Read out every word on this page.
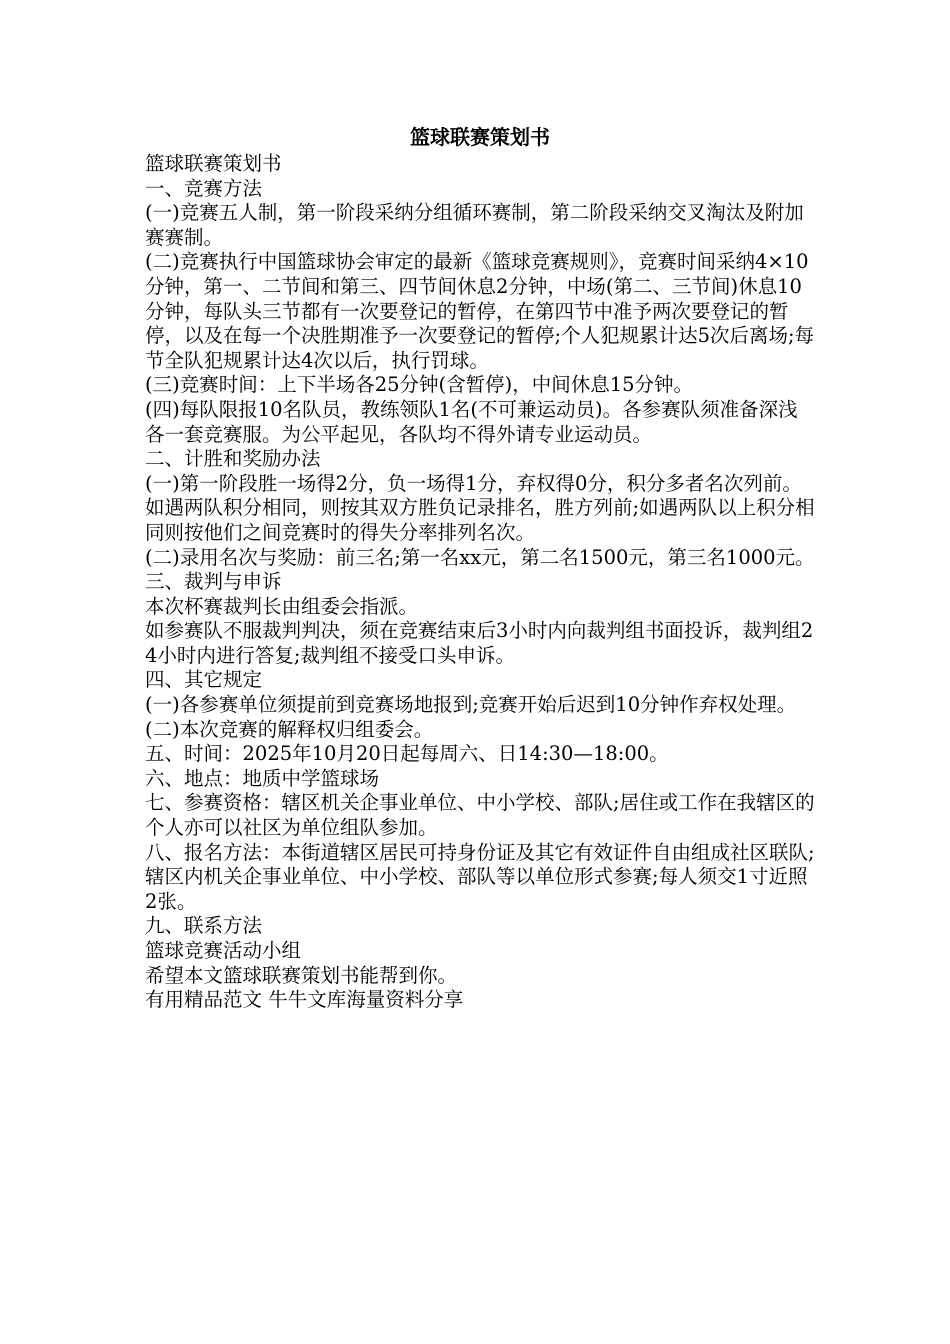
篮球联赛策划书

篮球联赛策划书

一、竞赛方法

(一)竞赛五人制，第一阶段采纳分组循环赛制，第二阶段采纳交叉淘汰及附加赛赛制。

(二)竞赛执行中国篮球协会审定的最新《篮球竞赛规则》，竞赛时间采纳4×10分钟，第一、二节间和第三、四节间休息2分钟，中场(第二、三节间)休息10分钟，每队头三节都有一次要登记的暂停，在第四节中准予两次要登记的暂停，以及在每一个决胜期准予一次要登记的暂停;个人犯规累计达5次后离场;每节全队犯规累计达4次以后，执行罚球。

(三)竞赛时间：上下半场各25分钟(含暂停)，中间休息15分钟。

(四)每队限报10名队员，教练领队1名(不可兼运动员)。各参赛队须准备深浅各一套竞赛服。为公平起见，各队均不得外请专业运动员。

二、计胜和奖励办法

(一)第一阶段胜一场得2分，负一场得1分，弃权得0分，积分多者名次列前。如遇两队积分相同，则按其双方胜负记录排名，胜方列前;如遇两队以上积分相同则按他们之间竞赛时的得失分率排列名次。

(二)录用名次与奖励：前三名;第一名xx元，第二名1500元，第三名1000元。

三、裁判与申诉

本次杯赛裁判长由组委会指派。

如参赛队不服裁判判决，须在竞赛结束后3小时内向裁判组书面投诉，裁判组24小时内进行答复;裁判组不接受口头申诉。

四、其它规定

(一)各参赛单位须提前到竞赛场地报到;竞赛开始后迟到10分钟作弃权处理。

(二)本次竞赛的解释权归组委会。

五、时间：2025年10月20日起每周六、日14:30—18:00。

六、地点：地质中学篮球场

七、参赛资格：辖区机关企事业单位、中小学校、部队;居住或工作在我辖区的个人亦可以社区为单位组队参加。

八、报名方法：本街道辖区居民可持身份证及其它有效证件自由组成社区联队;辖区内机关企事业单位、中小学校、部队等以单位形式参赛;每人须交1寸近照2张。

九、联系方法

篮球竞赛活动小组

希望本文篮球联赛策划书能帮到你。

有用精品范文 牛牛文库海量资料分享
